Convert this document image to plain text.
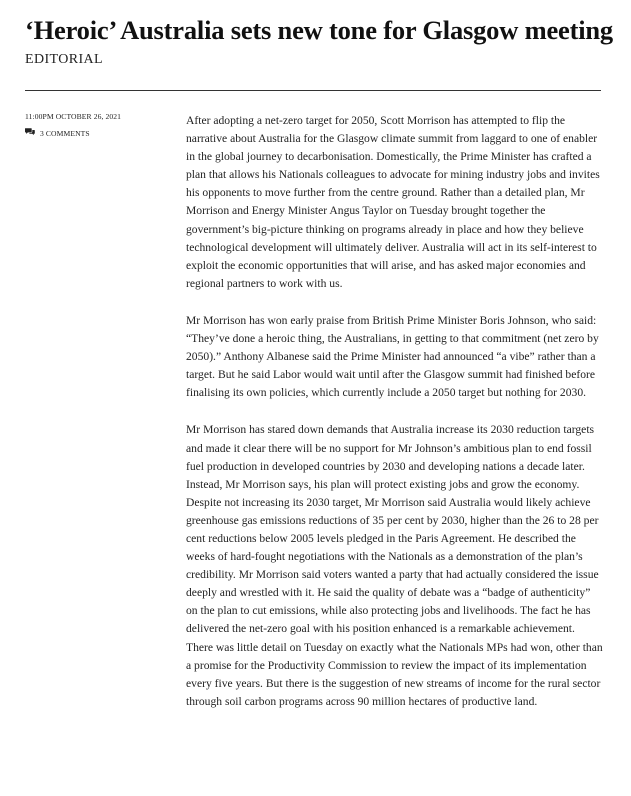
‘Heroic’ Australia sets new tone for Glasgow meeting
EDITORIAL
11:00PM OCTOBER 26, 2021
3 COMMENTS

After adopting a net-zero target for 2050, Scott Morrison has attempted to flip the narrative about Australia for the Glasgow climate summit from laggard to one of enabler in the global journey to decarbonisation. Domestically, the Prime Minister has crafted a plan that allows his Nationals colleagues to advocate for mining industry jobs and invites his opponents to move further from the centre ground. Rather than a detailed plan, Mr Morrison and Energy Minister Angus Taylor on Tuesday brought together the government’s big-picture thinking on programs already in place and how they believe technological development will ultimately deliver. Australia will act in its self-interest to exploit the economic opportunities that will arise, and has asked major economies and regional partners to work with us.

Mr Morrison has won early praise from British Prime Minister Boris Johnson, who said: “They’ve done a heroic thing, the Australians, in getting to that commitment (net zero by 2050).” Anthony Albanese said the Prime Minister had announced “a vibe” rather than a target. But he said Labor would wait until after the Glasgow summit had finished before finalising its own policies, which currently include a 2050 target but nothing for 2030.

Mr Morrison has stared down demands that Australia increase its 2030 reduction targets and made it clear there will be no support for Mr Johnson’s ambitious plan to end fossil fuel production in developed countries by 2030 and developing nations a decade later. Instead, Mr Morrison says, his plan will protect existing jobs and grow the economy. Despite not increasing its 2030 target, Mr Morrison said Australia would likely achieve greenhouse gas emissions reductions of 35 per cent by 2030, higher than the 26 to 28 per cent reductions below 2005 levels pledged in the Paris Agreement. He described the weeks of hard-fought negotiations with the Nationals as a demonstration of the plan’s credibility. Mr Morrison said voters wanted a party that had actually considered the issue deeply and wrestled with it. He said the quality of debate was a “badge of authenticity” on the plan to cut emissions, while also protecting jobs and livelihoods. The fact he has delivered the net-zero goal with his position enhanced is a remarkable achievement. There was little detail on Tuesday on exactly what the Nationals MPs had won, other than a promise for the Productivity Commission to review the impact of its implementation every five years. But there is the suggestion of new streams of income for the rural sector through soil carbon programs across 90 million hectares of productive land.
